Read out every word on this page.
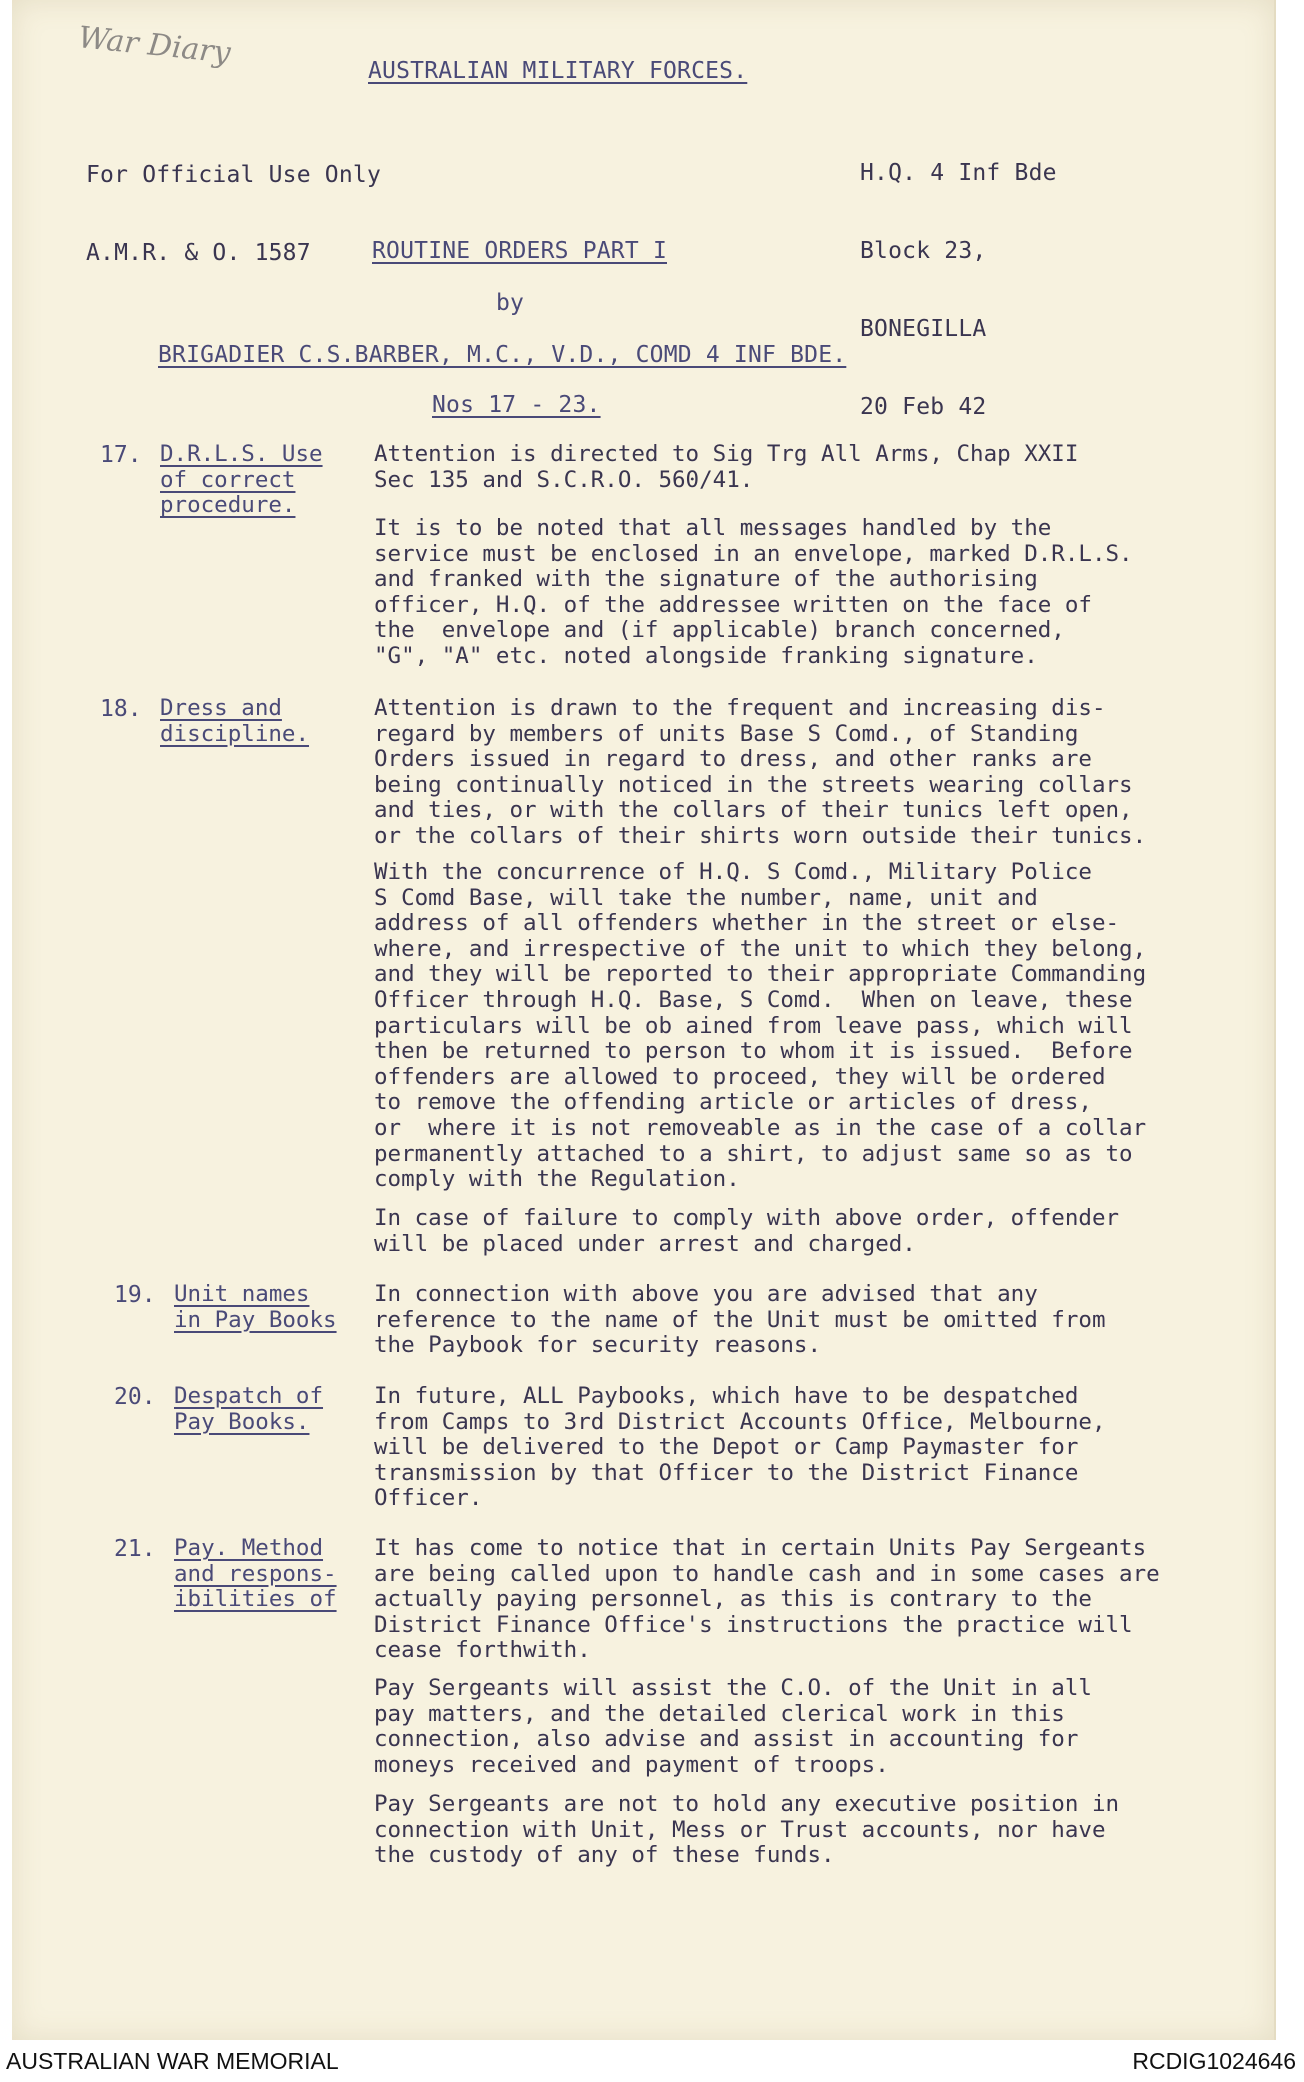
War Diary
AUSTRALIAN MILITARY FORCES.

For Official Use Only

A.M.R. & O. 1587

H.Q. 4 Inf Bde

Block 23,

BONEGILLA

20 Feb 42

ROUTINE ORDERS PART I
by
BRIGADIER C.S.BARBER, M.C., V.D., COMD 4 INF BDE.
Nos 17 - 23.
17. D.R.L.S. Use
of correct
procedure.
Attention is directed to Sig Trg All Arms, Chap XXII
Sec 135 and S.C.R.O. 560/41.
It is to be noted that all messages handled by the
service must be enclosed in an envelope, marked D.R.L.S.
and franked with the signature of the authorising
officer, H.Q. of the addressee written on the face of
the  envelope and (if applicable) branch concerned,
"G", "A" etc. noted alongside franking signature.
18. Dress and
discipline.
Attention is drawn to the frequent and increasing dis-
regard by members of units Base S Comd., of Standing
Orders issued in regard to dress, and other ranks are
being continually noticed in the streets wearing collars
and ties, or with the collars of their tunics left open,
or the collars of their shirts worn outside their tunics.
With the concurrence of H.Q. S Comd., Military Police
S Comd Base, will take the number, name, unit and
address of all offenders whether in the street or else-
where, and irrespective of the unit to which they belong,
and they will be reported to their appropriate Commanding
Officer through H.Q. Base, S Comd.  When on leave, these
particulars will be ob ained from leave pass, which will
then be returned to person to whom it is issued.  Before
offenders are allowed to proceed, they will be ordered
to remove the offending article or articles of dress,
or  where it is not removeable as in the case of a collar
permanently attached to a shirt, to adjust same so as to
comply with the Regulation.
In case of failure to comply with above order, offender
will be placed under arrest and charged.
19. Unit names
in Pay Books
In connection with above you are advised that any
reference to the name of the Unit must be omitted from
the Paybook for security reasons.
20. Despatch of
Pay Books.
In future, ALL Paybooks, which have to be despatched
from Camps to 3rd District Accounts Office, Melbourne,
will be delivered to the Depot or Camp Paymaster for
transmission by that Officer to the District Finance
Officer.
21. Pay. Method
and respons-
ibilities of
It has come to notice that in certain Units Pay Sergeants
are being called upon to handle cash and in some cases are
actually paying personnel, as this is contrary to the
District Finance Office's instructions the practice will
cease forthwith.
Pay Sergeants will assist the C.O. of the Unit in all
pay matters, and the detailed clerical work in this
connection, also advise and assist in accounting for
moneys received and payment of troops.
Pay Sergeants are not to hold any executive position in
connection with Unit, Mess or Trust accounts, nor have
the custody of any of these funds.
AUSTRALIAN WAR MEMORIAL	RCDIG1024646
